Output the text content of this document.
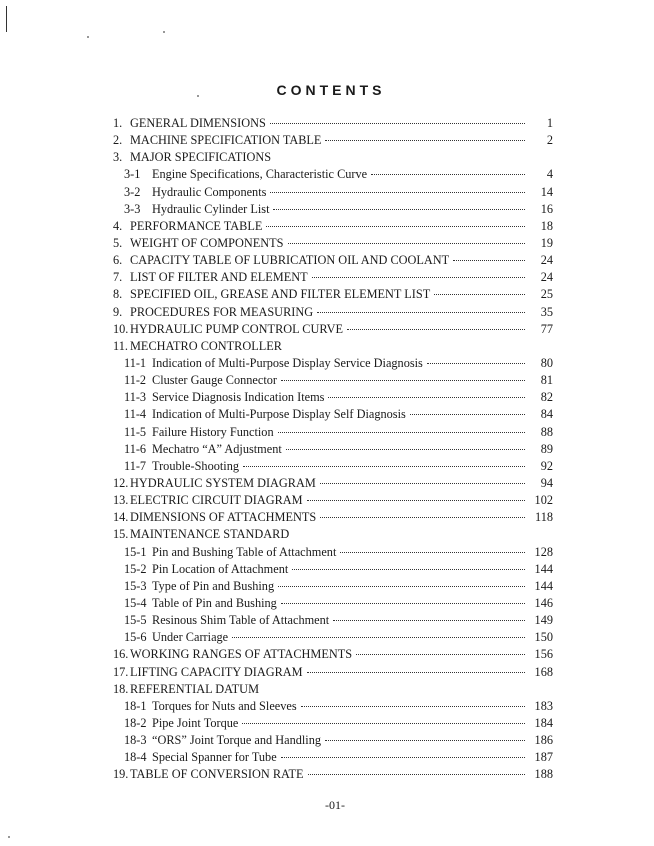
CONTENTS
1. GENERAL DIMENSIONS	1
2. MACHINE SPECIFICATION TABLE	2
3. MAJOR SPECIFICATIONS
3-1 Engine Specifications, Characteristic Curve	4
3-2 Hydraulic Components	14
3-3 Hydraulic Cylinder List	16
4. PERFORMANCE TABLE	18
5. WEIGHT OF COMPONENTS	19
6. CAPACITY TABLE OF LUBRICATION OIL AND COOLANT	24
7. LIST OF FILTER AND ELEMENT	24
8. SPECIFIED OIL, GREASE AND FILTER ELEMENT LIST	25
9. PROCEDURES FOR MEASURING	35
10. HYDRAULIC PUMP CONTROL CURVE	77
11. MECHATRO CONTROLLER
11-1 Indication of Multi-Purpose Display Service Diagnosis	80
11-2 Cluster Gauge Connector	81
11-3 Service Diagnosis Indication Items	82
11-4 Indication of Multi-Purpose Display Self Diagnosis	84
11-5 Failure History Function	88
11-6 Mechatro “A” Adjustment	89
11-7 Trouble-Shooting	92
12. HYDRAULIC SYSTEM DIAGRAM	94
13. ELECTRIC CIRCUIT DIAGRAM	102
14. DIMENSIONS OF ATTACHMENTS	118
15. MAINTENANCE STANDARD
15-1 Pin and Bushing Table of Attachment	128
15-2 Pin Location of Attachment	144
15-3 Type of Pin and Bushing	144
15-4 Table of Pin and Bushing	146
15-5 Resinous Shim Table of Attachment	149
15-6 Under Carriage	150
16. WORKING RANGES OF ATTACHMENTS	156
17. LIFTING CAPACITY DIAGRAM	168
18. REFERENTIAL DATUM
18-1 Torques for Nuts and Sleeves	183
18-2 Pipe Joint Torque	184
18-3 “ORS” Joint Torque and Handling	186
18-4 Special Spanner for Tube	187
19. TABLE OF CONVERSION RATE	188
-01-
